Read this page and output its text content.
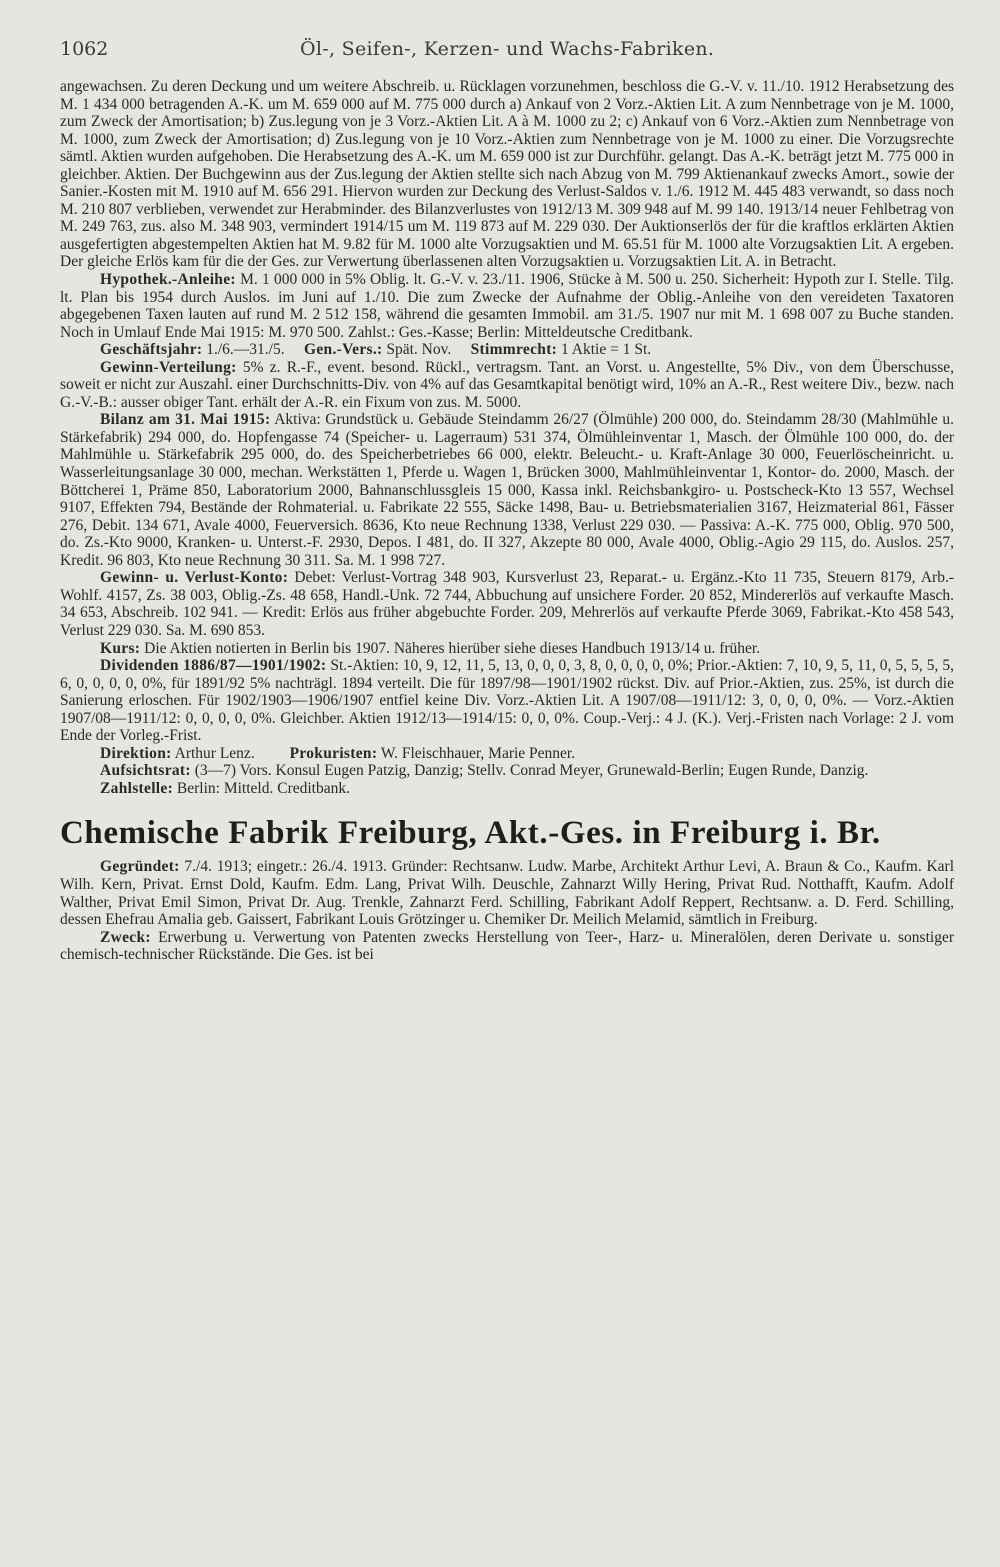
1062	Öl-, Seifen-, Kerzen- und Wachs-Fabriken.

angewachsen. Zu deren Deckung und um weitere Abschreib. u. Rücklagen vorzunehmen, beschloss die G.-V. v. 11./10. 1912 Herabsetzung des M. 1 434 000 betragenden A.-K. um M. 659 000 auf M. 775 000 durch a) Ankauf von 2 Vorz.-Aktien Lit. A zum Nennbetrage von je M. 1000, zum Zweck der Amortisation; b) Zus.legung von je 3 Vorz.-Aktien Lit. A à M. 1000 zu 2; c) Ankauf von 6 Vorz.-Aktien zum Nennbetrage von M. 1000, zum Zweck der Amortisation; d) Zus.legung von je 10 Vorz.-Aktien zum Nennbetrage von je M. 1000 zu einer. Die Vorzugsrechte sämtl. Aktien wurden aufgehoben. Die Herabsetzung des A.-K. um M. 659 000 ist zur Durchführ. gelangt. Das A.-K. beträgt jetzt M. 775 000 in gleichber. Aktien. Der Buchgewinn aus der Zus.legung der Aktien stellte sich nach Abzug von M. 799 Aktienankauf zwecks Amort., sowie der Sanier.-Kosten mit M. 1910 auf M. 656 291. Hiervon wurden zur Deckung des Verlust-Saldos v. 1./6. 1912 M. 445 483 verwandt, so dass noch M. 210 807 verblieben, verwendet zur Herabminder. des Bilanzverlustes von 1912/13 M. 309 948 auf M. 99 140. 1913/14 neuer Fehlbetrag von M. 249 763, zus. also M. 348 903, vermindert 1914/15 um M. 119 873 auf M. 229 030. Der Auktionserlös der für die kraftlos erklärten Aktien ausgefertigten abgestempelten Aktien hat M. 9.82 für M. 1000 alte Vorzugsaktien und M. 65.51 für M. 1000 alte Vorzugsaktien Lit. A ergeben. Der gleiche Erlös kam für die der Ges. zur Verwertung überlassenen alten Vorzugsaktien u. Vorzugsaktien Lit. A. in Betracht.

Hypothek.-Anleihe: M. 1 000 000 in 5% Oblig. lt. G.-V. v. 23./11. 1906, Stücke à M. 500 u. 250. Sicherheit: Hypoth zur I. Stelle. Tilg. lt. Plan bis 1954 durch Auslos. im Juni auf 1./10. Die zum Zwecke der Aufnahme der Oblig.-Anleihe von den vereideten Taxatoren abgegebenen Taxen lauten auf rund M. 2 512 158, während die gesamten Immobil. am 31./5. 1907 nur mit M. 1 698 007 zu Buche standen. Noch in Umlauf Ende Mai 1915: M. 970 500. Zahlst.: Ges.-Kasse; Berlin: Mitteldeutsche Creditbank.

Geschäftsjahr: 1./6.—31./5. Gen.-Vers.: Spät. Nov. Stimmrecht: 1 Aktie = 1 St.

Gewinn-Verteilung: 5% z. R.-F., event. besond. Rückl., vertragsm. Tant. an Vorst. u. Angestellte, 5% Div., von dem Überschusse, soweit er nicht zur Auszahl. einer Durchschnitts-Div. von 4% auf das Gesamtkapital benötigt wird, 10% an A.-R., Rest weitere Div., bezw. nach G.-V.-B.: ausser obiger Tant. erhält der A.-R. ein Fixum von zus. M. 5000.

Bilanz am 31. Mai 1915: Aktiva: Grundstück u. Gebäude Steindamm 26/27 (Ölmühle) 200 000, do. Steindamm 28/30 (Mahlmühle u. Stärkefabrik) 294 000, do. Hopfengasse 74 (Speicher- u. Lagerraum) 531 374, Ölmühleinventar 1, Masch. der Ölmühle 100 000, do. der Mahlmühle u. Stärkefabrik 295 000, do. des Speicherbetriebes 66 000, elektr. Beleucht.- u. Kraft-Anlage 30 000, Feuerlöscheinricht. u. Wasserleitungsanlage 30 000, mechan. Werkstätten 1, Pferde u. Wagen 1, Brücken 3000, Mahlmühleinventar 1, Kontor- do. 2000, Masch. der Böttcherei 1, Präme 850, Laboratorium 2000, Bahnanschlussgleis 15 000, Kassa inkl. Reichsbankgiro- u. Postscheck-Kto 13 557, Wechsel 9107, Effekten 794, Bestände der Rohmaterial. u. Fabrikate 22 555, Säcke 1498, Bau- u. Betriebsmaterialien 3167, Heizmaterial 861, Fässer 276, Debit. 134 671, Avale 4000, Feuerversich. 8636, Kto neue Rechnung 1338, Verlust 229 030. — Passiva: A.-K. 775 000, Oblig. 970 500, do. Zs.-Kto 9000, Kranken- u. Unterst.-F. 2930, Depos. I 481, do. II 327, Akzepte 80 000, Avale 4000, Oblig.-Agio 29 115, do. Auslos. 257, Kredit. 96 803, Kto neue Rechnung 30 311. Sa. M. 1 998 727.

Gewinn- u. Verlust-Konto: Debet: Verlust-Vortrag 348 903, Kursverlust 23, Reparat.- u. Ergänz.-Kto 11 735, Steuern 8179, Arb.-Wohlf. 4157, Zs. 38 003, Oblig.-Zs. 48 658, Handl.-Unk. 72 744, Abbuchung auf unsichere Forder. 20 852, Mindererlös auf verkaufte Masch. 34 653, Abschreib. 102 941. — Kredit: Erlös aus früher abgebuchte Forder. 209, Mehrerlös auf verkaufte Pferde 3069, Fabrikat.-Kto 458 543, Verlust 229 030. Sa. M. 690 853.

Kurs: Die Aktien notierten in Berlin bis 1907. Näheres hierüber siehe dieses Handbuch 1913/14 u. früher.

Dividenden 1886/87—1901/1902: St.-Aktien: 10, 9, 12, 11, 5, 13, 0, 0, 0, 3, 8, 0, 0, 0, 0, 0%; Prior.-Aktien: 7, 10, 9, 5, 11, 0, 5, 5, 5, 5, 6, 0, 0, 0, 0, 0%, für 1891/92 5% nachträgl. 1894 verteilt. Die für 1897/98—1901/1902 rückst. Div. auf Prior.-Aktien, zus. 25%, ist durch die Sanierung erloschen. Für 1902/1903—1906/1907 entfiel keine Div. Vorz.-Aktien Lit. A 1907/08—1911/12: 3, 0, 0, 0, 0%. — Vorz.-Aktien 1907/08—1911/12: 0, 0, 0, 0, 0%. Gleichber. Aktien 1912/13—1914/15: 0, 0, 0%. Coup.-Verj.: 4 J. (K.). Verj.-Fristen nach Vorlage: 2 J. vom Ende der Vorleg.-Frist.

Direktion: Arthur Lenz. Prokuristen: W. Fleischhauer, Marie Penner.

Aufsichtsrat: (3—7) Vors. Konsul Eugen Patzig, Danzig; Stellv. Conrad Meyer, Grunewald-Berlin; Eugen Runde, Danzig.

Zahlstelle: Berlin: Mitteld. Creditbank.

Chemische Fabrik Freiburg, Akt.-Ges. in Freiburg i. Br.

Gegründet: 7./4. 1913; eingetr.: 26./4. 1913. Gründer: Rechtsanw. Ludw. Marbe, Architekt Arthur Levi, A. Braun & Co., Kaufm. Karl Wilh. Kern, Privat. Ernst Dold, Kaufm. Edm. Lang, Privat Wilh. Deuschle, Zahnarzt Willy Hering, Privat Rud. Notthafft, Kaufm. Adolf Walther, Privat Emil Simon, Privat Dr. Aug. Trenkle, Zahnarzt Ferd. Schilling, Fabrikant Adolf Reppert, Rechtsanw. a. D. Ferd. Schilling, dessen Ehefrau Amalia geb. Gaissert, Fabrikant Louis Grötzinger u. Chemiker Dr. Meilich Melamid, sämtlich in Freiburg.

Zweck: Erwerbung u. Verwertung von Patenten zwecks Herstellung von Teer-, Harz- u. Mineralölen, deren Derivate u. sonstiger chemisch-technischer Rückstände. Die Ges. ist bei
